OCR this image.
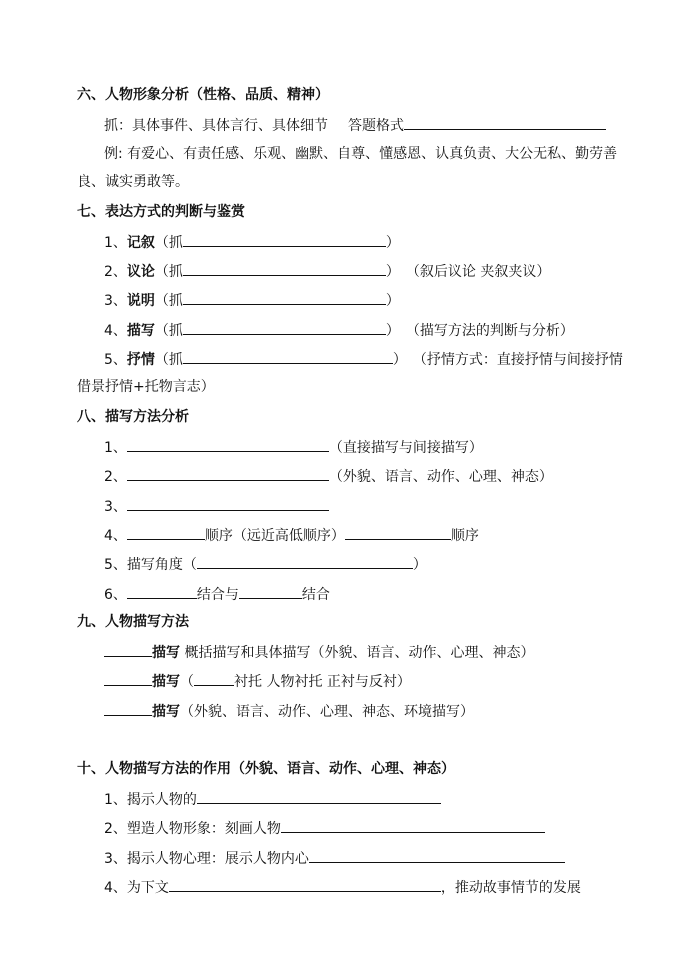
六、人物形象分析（性格、品质、精神）
抓：具体事件、具体言行、具体细节 答题格式
例: 有爱心、有责任感、乐观、幽默、自尊、懂感恩、认真负责、大公无私、勤劳善
良、诚实勇敢等。
七、表达方式的判断与鉴赏
1、记叙（抓	）
2、议论（抓	） （叙后议论 夹叙夹议）
3、说明（抓	）
4、描写（抓	） （描写方法的判断与分析）
5、抒情（抓	） （抒情方式：直接抒情与间接抒情
借景抒情+托物言志）
八、描写方法分析
1、	（直接描写与间接描写）
2、	（外貌、语言、动作、心理、神态）
3、
4、	顺序（远近高低顺序）	顺序
5、描写角度（	）
6、	结合与	结合
九、人物描写方法
描写 概括描写和具体描写（外貌、语言、动作、心理、神态）
描写（	衬托 人物衬托 正衬与反衬）
描写（外貌、语言、动作、心理、神态、环境描写）
十、人物描写方法的作用（外貌、语言、动作、心理、神态）
1、揭示人物的
2、塑造人物形象：刻画人物
3、揭示人物心理：展示人物内心
4、为下文	，推动故事情节的发展
